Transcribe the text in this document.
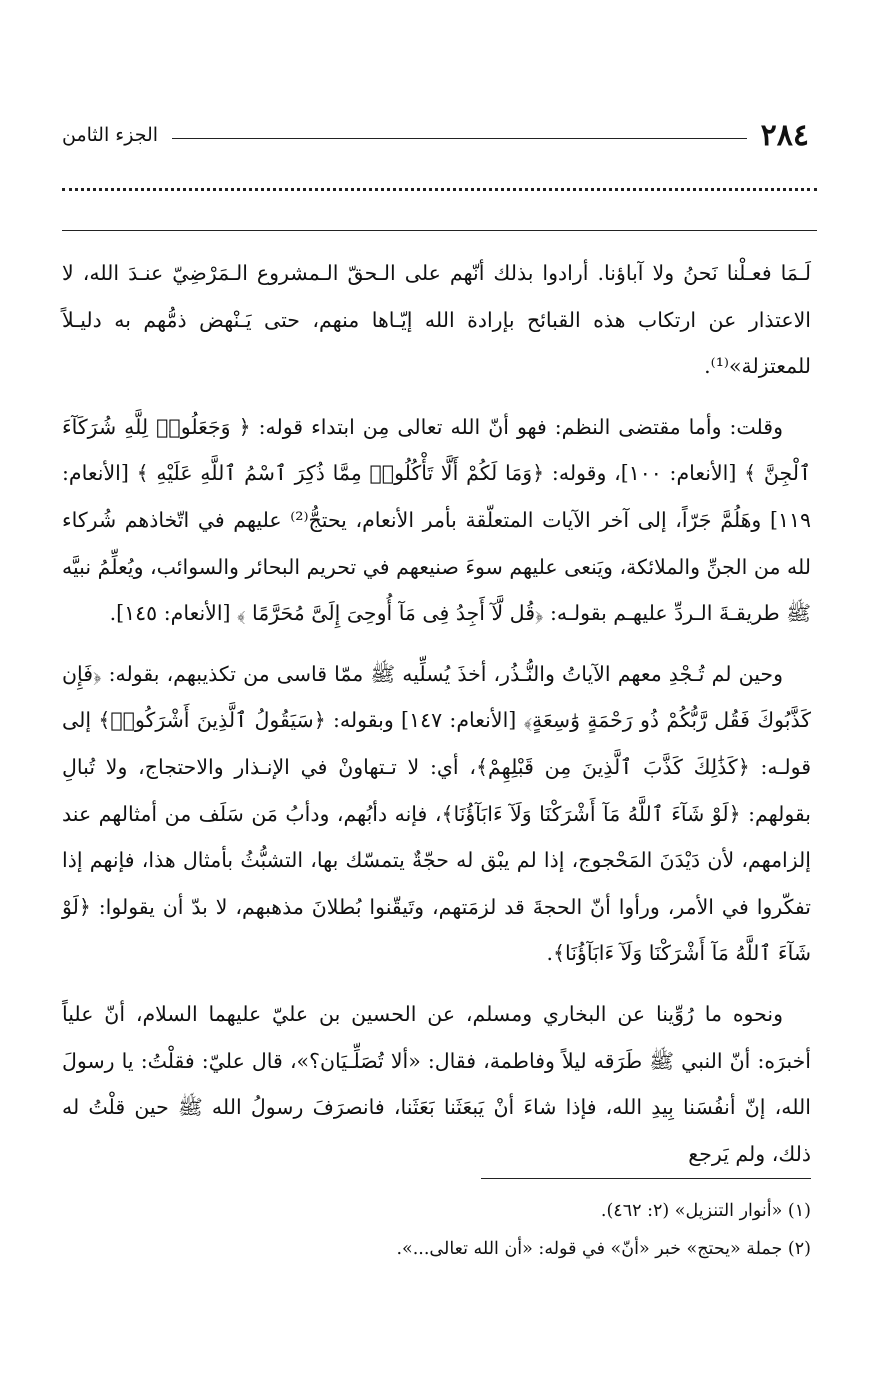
٢٨٤
الجزء الثامن

لَـمَا فعـلْنا نَحنُ ولا آباؤنا. أرادوا بذلك أنّهم على الـحقّ الـمشروع الـمَرْضِيّ عنـدَ الله، لا الاعتذار عن ارتكاب هذه القبائح بإرادة الله إيّـاها منهم، حتى يَـنْهض ذمُّهم به دليـلاً للمعتزلة»⁽¹⁾.

وقلت: وأما مقتضى النظم: فهو أنّ الله تعالى مِن ابتداء قوله: ﴿ وَجَعَلُوا۟ لِلَّهِ شُرَكَآءَ ٱلْجِنَّ ﴾ [الأنعام: ١٠٠]، وقوله: ﴿وَمَا لَكُمْ أَلَّا تَأْكُلُوا۟ مِمَّا ذُكِرَ ٱسْمُ ٱللَّهِ عَلَيْهِ ﴾ [الأنعام: ١١٩] وهَلُمَّ جَرّاً، إلى آخر الآيات المتعلّقة بأمر الأنعام، يحتجُّ⁽²⁾ عليهم في اتّخاذهم شُركاء لله من الجنِّ والملائكة، ويَنعى عليهم سوءَ صنيعهم في تحريم البحائر والسوائب، ويُعلِّمُ نبيَّه ﷺ طريقـةَ الـردِّ عليهـم بقولـه: ﴿قُل لَّآ أَجِدُ فِى مَآ أُوحِىَ إِلَىَّ مُحَرَّمًا ﴾ [الأنعام: ١٤٥].

وحين لم تُـجْدِ معهم الآياتُ والنُّـذُر، أخذَ يُسلِّيه ﷺ ممّا قاسى من تكذيبهم، بقوله: ﴿فَإِن كَذَّبُوكَ فَقُل رَّبُّكُمْ ذُو رَحْمَةٍ وَٰسِعَةٍ﴾ [الأنعام: ١٤٧] وبقوله: ﴿سَيَقُولُ ٱلَّذِينَ أَشْرَكُوا۟﴾ إلى قولـه: ﴿كَذَٰلِكَ كَذَّبَ ٱلَّذِينَ مِن قَبْلِهِمْ﴾، أي: لا تـتهاونْ في الإنـذار والاحتجاج، ولا تُبالِ بقولهم: ﴿لَوْ شَآءَ ٱللَّهُ مَآ أَشْرَكْنَا وَلَآ ءَابَآؤُنَا﴾، فإنه دأبُهم، ودأبُ مَن سَلَف من أمثالهم عند إلزامهم، لأن دَيْدَنَ المَحْجوج، إذا لم يبْق له حجّةٌ يتمسّك بها، التشبُّثُ بأمثال هذا، فإنهم إذا تفكّروا في الأمر، ورأوا أنّ الحجةَ قد لزمَتهم، وتَيقّنوا بُطلانَ مذهبهم، لا بدّ أن يقولوا: ﴿لَوْ شَآءَ ٱللَّهُ مَآ أَشْرَكْنَا وَلَآ ءَابَآؤُنَا﴾.

ونحوه ما رُوِّينا عن البخاري ومسلم، عن الحسين بن عليّ عليهما السلام، أنّ علياً أخبرَه: أنّ النبي ﷺ طَرَقه ليلاً وفاطمة، فقال: «ألا تُصَلِّـيَان؟»، قال عليّ: فقلْتُ: يا رسولَ الله، إنّ أنفُسَنا بِيدِ الله، فإذا شاءَ أنْ يَبعَثَنا بَعَثَنا، فانصرَفَ رسولُ الله ﷺ حين قلْتُ له ذلك، ولم يَرجع

(١) «أنوار التنزيل» (٢: ٤٦٢).
(٢) جملة «يحتج» خبر «أنّ» في قوله: «أن الله تعالى...».
